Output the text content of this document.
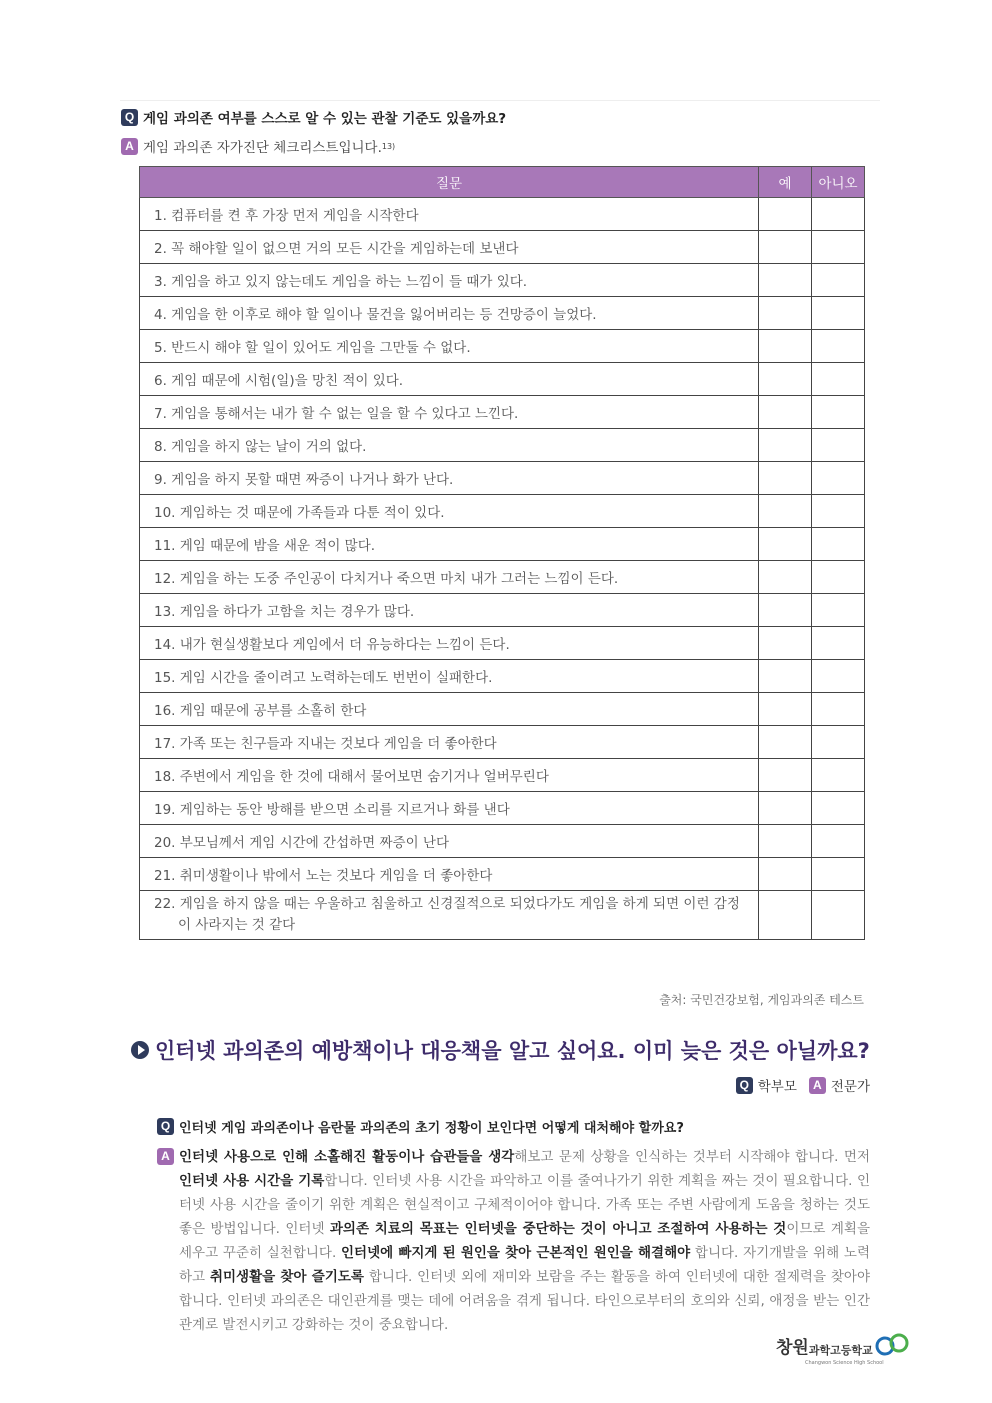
Q 게임 과의존 여부를 스스로 알 수 있는 관찰 기준도 있을까요?
A 게임 과의존 자가진단 체크리스트입니다. 13)
질문	예	아니오
1. 컴퓨터를 켠 후 가장 먼저 게임을 시작한다		
2. 꼭 해야할 일이 없으면 거의 모든 시간을 게임하는데 보낸다		
3. 게임을 하고 있지 않는데도 게임을 하는 느낌이 들 때가 있다.		
4. 게임을 한 이후로 해야 할 일이나 물건을 잃어버리는 등 건망증이 늘었다.		
5. 반드시 해야 할 일이 있어도 게임을 그만둘 수 없다.		
6. 게임 때문에 시험(일)을 망친 적이 있다.		
7. 게임을 통해서는 내가 할 수 없는 일을 할 수 있다고 느낀다.		
8. 게임을 하지 않는 날이 거의 없다.		
9. 게임을 하지 못할 때면 짜증이 나거나 화가 난다.		
10. 게임하는 것 때문에 가족들과 다툰 적이 있다.		
11. 게임 때문에 밤을 새운 적이 많다.		
12. 게임을 하는 도중 주인공이 다치거나 죽으면 마치 내가 그러는 느낌이 든다.		
13. 게임을 하다가 고함을 치는 경우가 많다.		
14. 내가 현실생활보다 게임에서 더 유능하다는 느낌이 든다.		
15. 게임 시간을 줄이려고 노력하는데도 번번이 실패한다.		
16. 게임 때문에 공부를 소홀히 한다		
17. 가족 또는 친구들과 지내는 것보다 게임을 더 좋아한다		
18. 주변에서 게임을 한 것에 대해서 물어보면 숨기거나 얼버무린다		
19. 게임하는 동안 방해를 받으면 소리를 지르거나 화를 낸다		
20. 부모님께서 게임 시간에 간섭하면 짜증이 난다		
21. 취미생활이나 밖에서 노는 것보다 게임을 더 좋아한다		

22. 게임을 하지 않을 때는 우울하고 침울하고 신경질적으로 되었다가도 게임을 하게 되면 이런 감정
이 사라지는 것 같다		

출처: 국민건강보험, 게임과의존 테스트
인터넷 과의존의 예방책이나 대응책을 알고 싶어요. 이미 늦은 것은 아닐까요?
Q 학부모	A 전문가
Q 인터넷 게임 과의존이나 음란물 과의존의 초기 정황이 보인다면 어떻게 대처해야 할까요?
A 인터넷 사용으로 인해 소홀해진 활동이나 습관들을 생각해보고 문제 상황을 인식하는 것부터 시작해야 합니다. 먼저 인터넷 사용 시간을 기록합니다. 인터넷 사용 시간을 파악하고 이를 줄여나가기 위한 계획을 짜는 것이 필요합니다. 인터넷 사용 시간을 줄이기 위한 계획은 현실적이고 구체적이어야 합니다. 가족 또는 주변 사람에게 도움을 청하는 것도 좋은 방법입니다. 인터넷 과의존 치료의 목표는 인터넷을 중단하는 것이 아니고 조절하여 사용하는 것이므로 계획을 세우고 꾸준히 실천합니다. 인터넷에 빠지게 된 원인을 찾아 근본적인 원인을 해결해야 합니다. 자기개발을 위해 노력하고 취미생활을 찾아 즐기도록 합니다. 인터넷 외에 재미와 보람을 주는 활동을 하여 인터넷에 대한 절제력을 찾아야 합니다. 인터넷 과의존은 대인관계를 맺는 데에 어려움을 겪게 됩니다. 타인으로부터의 호의와 신뢰, 애정을 받는 인간관계로 발전시키고 강화하는 것이 중요합니다.
창원 과학고등학교
Changwon Science High School
